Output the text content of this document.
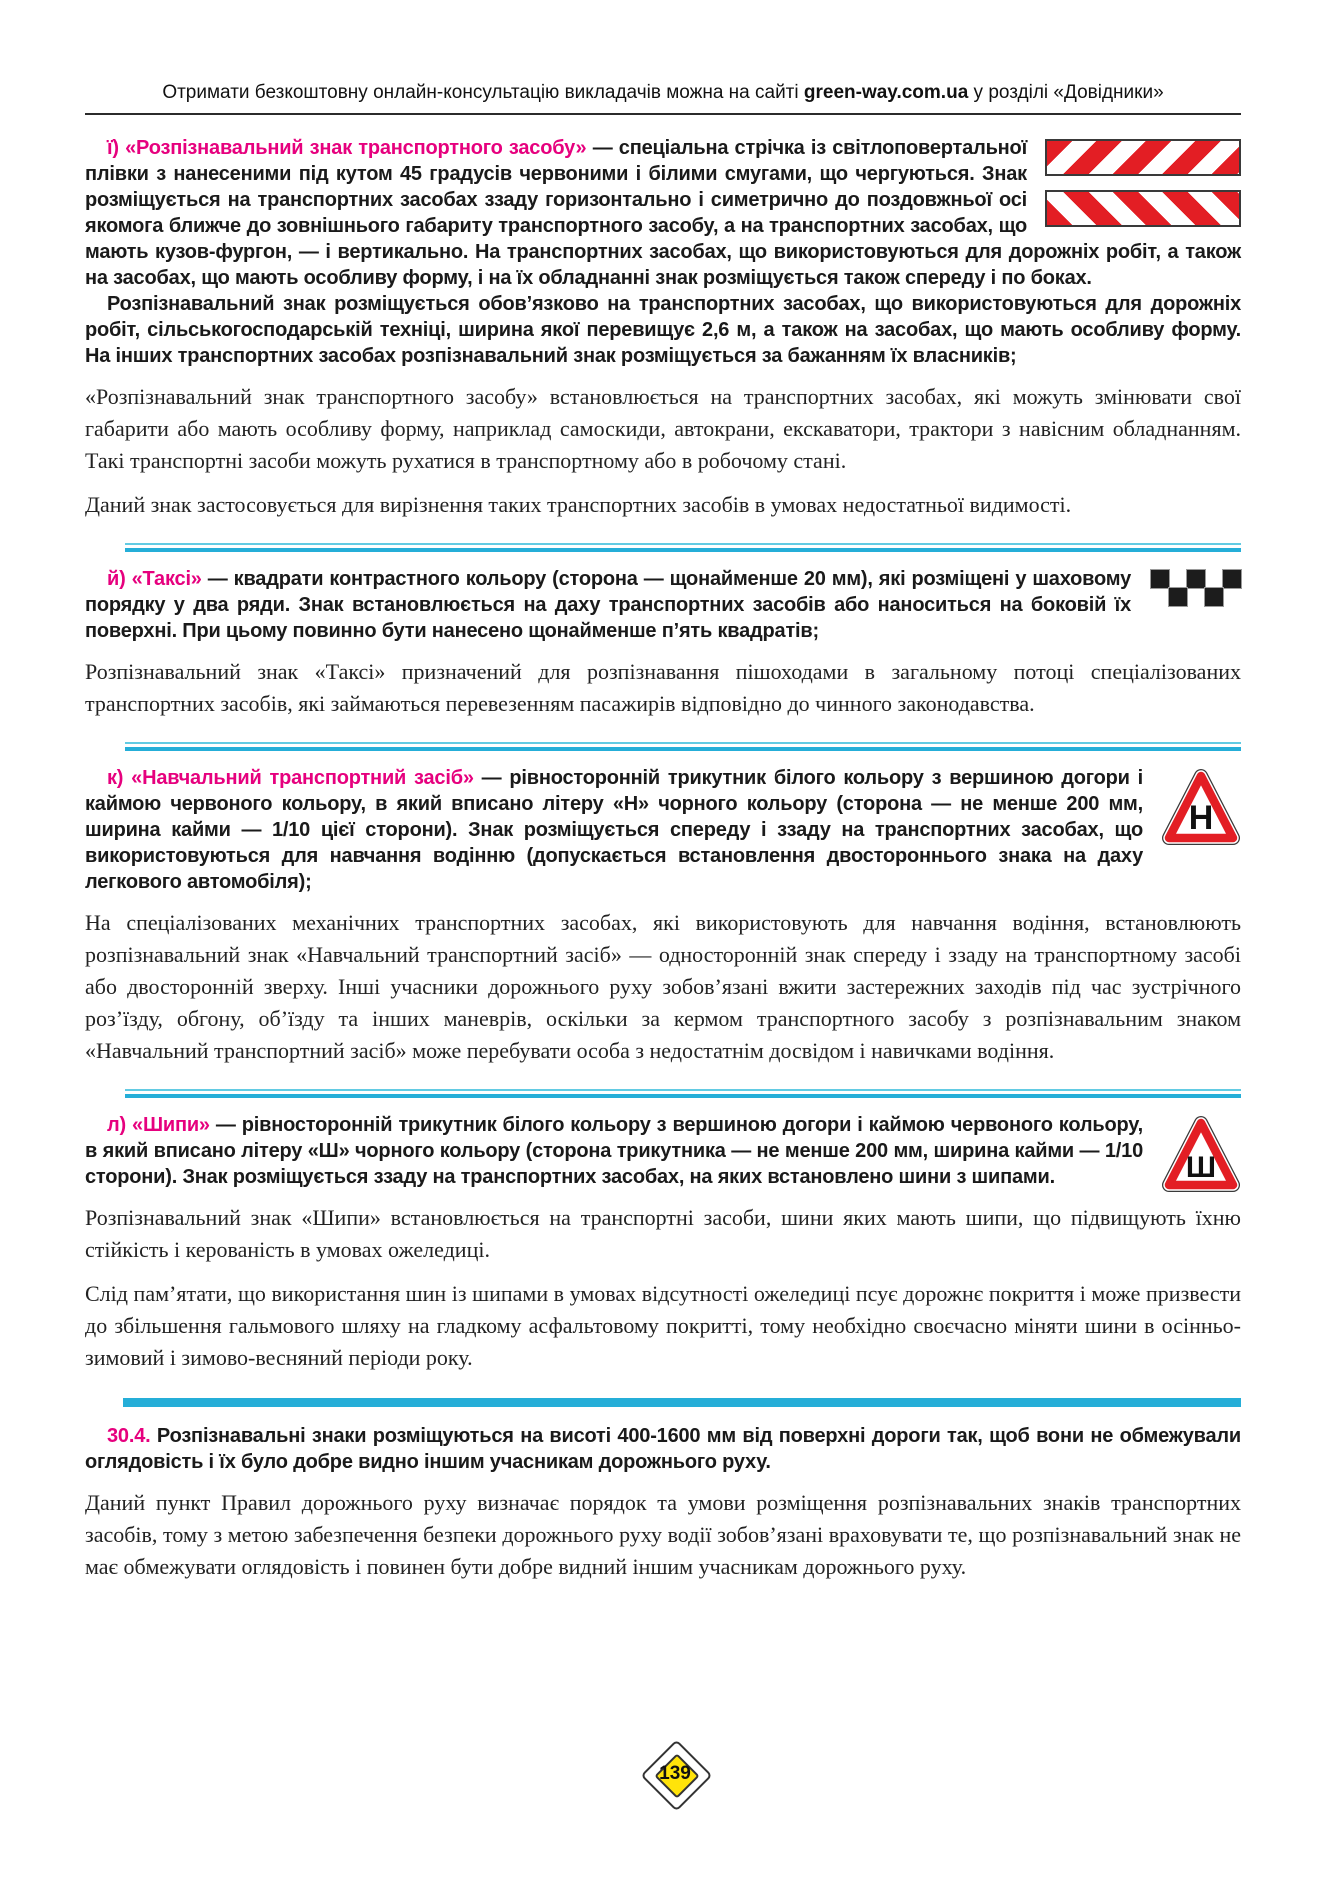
Отримати безкоштовну онлайн-консультацію викладачів можна на сайті green-way.com.ua у розділі «Довідники»

ї) «Розпізнавальний знак транспортного засобу» — спеціальна стрічка із світлоповертальної плівки з нанесеними під кутом 45 градусів червоними і білими смугами, що чергуються. Знак розміщується на транспортних засобах ззаду горизонтально і симетрично до поздовжньої осі якомога ближче до зовнішнього габариту транспортного засобу, а на транспортних засобах, що мають кузов-фургон, — і вертикально. На транспортних засобах, що використовуються для дорожніх робіт, а також на засобах, що мають особливу форму, і на їх обладнанні знак розміщується також спереду і по боках.

Розпізнавальний знак розміщується обов’язково на транспортних засобах, що використовуються для дорожніх робіт, сільськогосподарській техніці, ширина якої перевищує 2,6 м, а також на засобах, що мають особливу форму. На інших транспортних засобах розпізнавальний знак розміщується за бажанням їх власників;

«Розпізнавальний знак транспортного засобу» встановлюється на транспортних засобах, які можуть змінювати свої габарити або мають особливу форму, наприклад самоскиди, автокрани, екскаватори, трактори з навісним обладнанням. Такі транспортні засоби можуть рухатися в транспортному або в робочому стані.

Даний знак застосовується для вирізнення таких транспортних засобів в умовах недостатньої видимості.

й) «Таксі» — квадрати контрастного кольору (сторона — щонайменше 20 мм), які розміщені у шаховому порядку у два ряди. Знак встановлюється на даху транспортних засобів або наноситься на боковій їх поверхні. При цьому повинно бути нанесено щонайменше п’ять квадратів;

Розпізнавальний знак «Таксі» призначений для розпізнавання пішоходами в загальному потоці спеціалізованих транспортних засобів, які займаються перевезенням пасажирів відповідно до чинного законодавства.

Н

к) «Навчальний транспортний засіб» — рівносторонній трикутник білого кольору з вершиною догори і каймою червоного кольору, в який вписано літеру «Н» чорного кольору (сторона — не менше 200 мм, ширина кайми — 1/10 цієї сторони). Знак розміщується спереду і ззаду на транспортних засобах, що використовуються для навчання водінню (допускається встановлення двостороннього знака на даху легкового автомобіля);

На спеціалізованих механічних транспортних засобах, які використовують для навчання водіння, встановлюють розпізнавальний знак «Навчальний транспортний засіб» — односторонній знак спереду і ззаду на транспортному засобі або двосторонній зверху. Інші учасники дорожнього руху зобов’язані вжити застережних заходів під час зустрічного роз’їзду, обгону, об’їзду та інших маневрів, оскільки за кермом транспортного засобу з розпізнавальним знаком «Навчальний транспортний засіб» може перебувати особа з недостатнім досвідом і навичками водіння.

Ш

л) «Шипи» — рівносторонній трикутник білого кольору з вершиною догори і каймою червоного кольору, в який вписано літеру «Ш» чорного кольору (сторона трикутника — не менше 200 мм, ширина кайми — 1/10 сторони). Знак розміщується ззаду на транспортних засобах, на яких встановлено шини з шипами.

Розпізнавальний знак «Шипи» встановлюється на транспортні засоби, шини яких мають шипи, що підвищують їхню стійкість і керованість в умовах ожеледиці.

Слід пам’ятати, що використання шин із шипами в умовах відсутності ожеледиці псує дорожнє покриття і може призвести до збільшення гальмового шляху на гладкому асфальтовому покритті, тому необхідно своєчасно міняти шини в осінньо-зимовий і зимово-весняний періоди року.

30.4. Розпізнавальні знаки розміщуються на висоті 400-1600 мм від поверхні дороги так, щоб вони не обмежували оглядовість і їх було добре видно іншим учасникам дорожнього руху.

Даний пункт Правил дорожнього руху визначає порядок та умови розміщення розпізнавальних знаків транспортних засобів, тому з метою забезпечення безпеки дорожнього руху водії зобов’язані враховувати те, що розпізнавальний знак не має обмежувати оглядовість і повинен бути добре видний іншим учасникам дорожнього руху.

139
